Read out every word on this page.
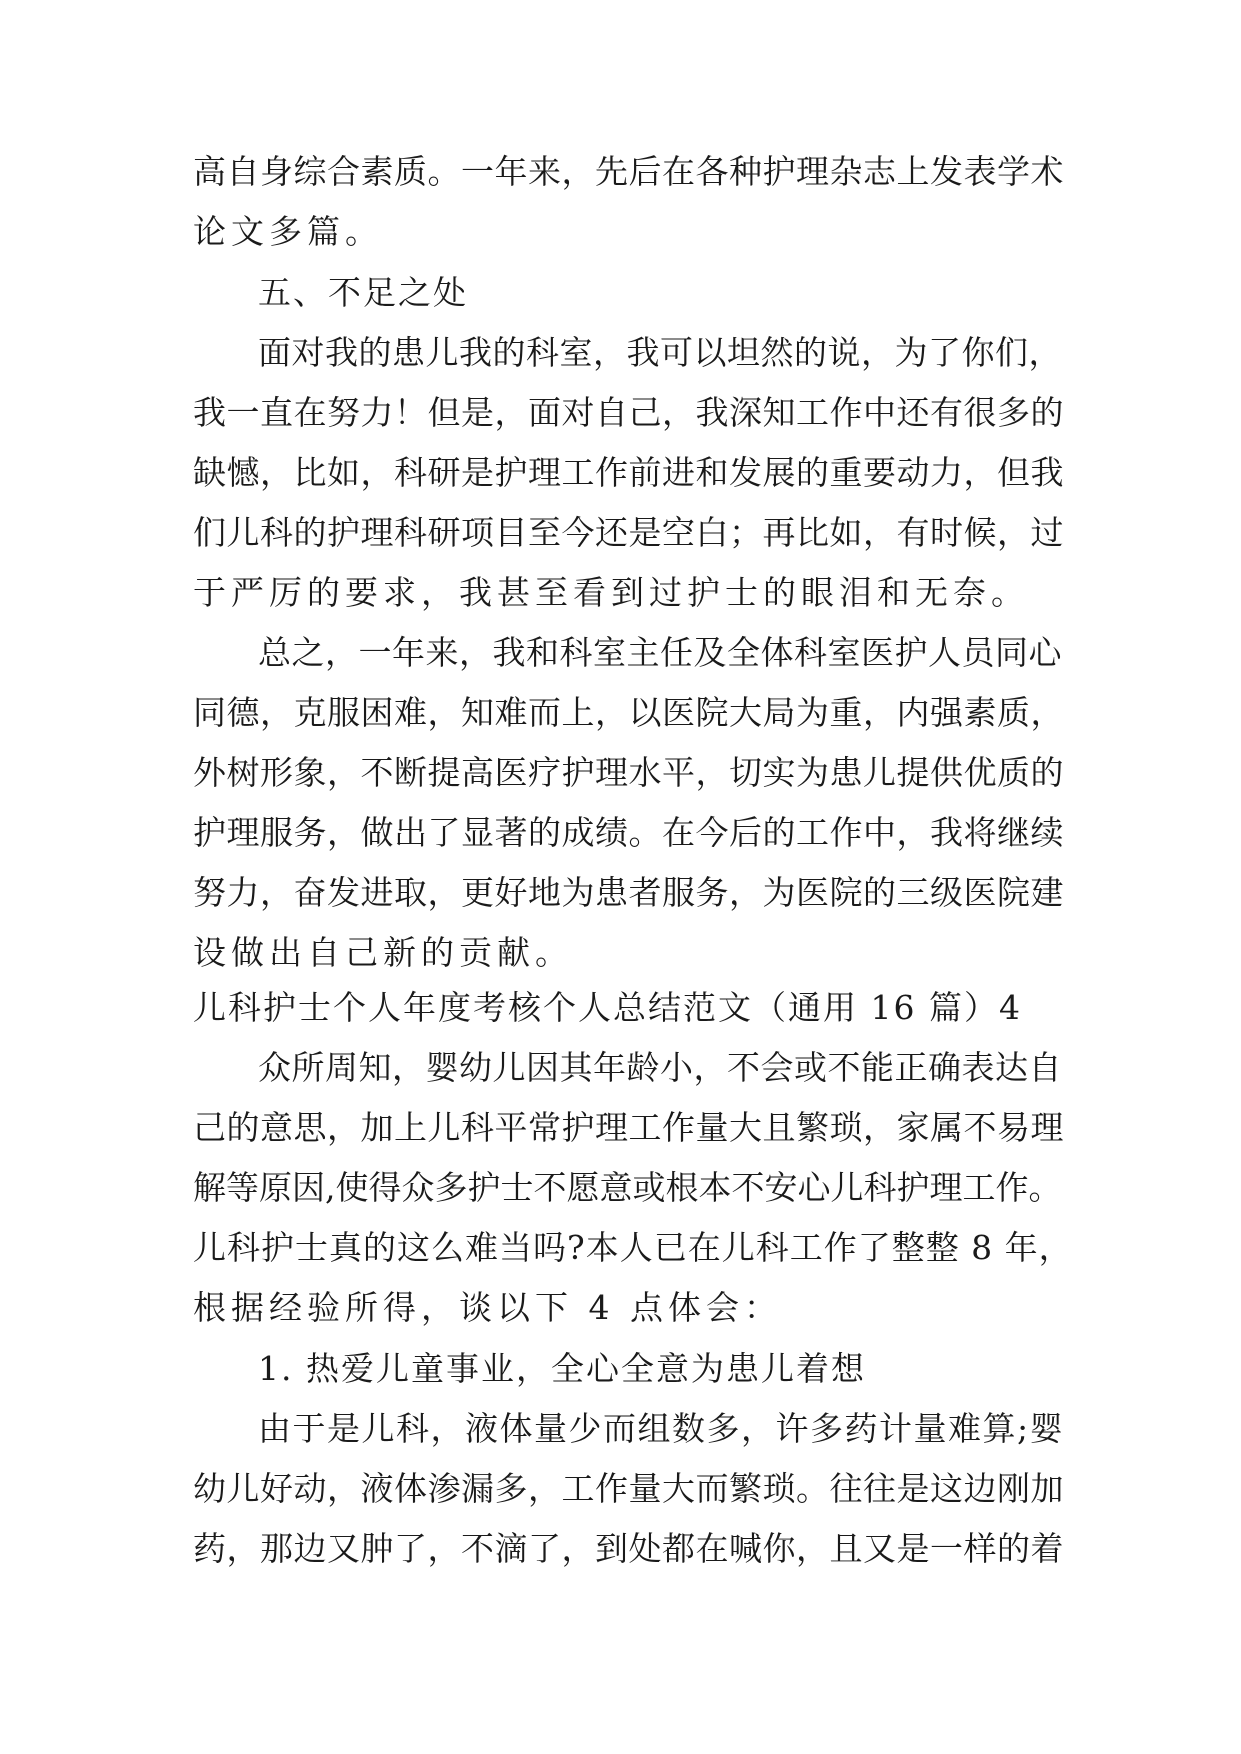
高自身综合素质。一年来，先后在各种护理杂志上发表学术
论文多篇。
五、不足之处
面对我的患儿我的科室，我可以坦然的说，为了你们，
我一直在努力！但是，面对自己，我深知工作中还有很多的
缺憾，比如，科研是护理工作前进和发展的重要动力，但我
们儿科的护理科研项目至今还是空白；再比如，有时候，过
于严厉的要求，我甚至看到过护士的眼泪和无奈。
总之，一年来，我和科室主任及全体科室医护人员同心
同德，克服困难，知难而上，以医院大局为重，内强素质，
外树形象，不断提高医疗护理水平，切实为患儿提供优质的
护理服务，做出了显著的成绩。在今后的工作中，我将继续
努力，奋发进取，更好地为患者服务，为医院的三级医院建
设做出自己新的贡献。
儿科护士个人年度考核个人总结范文（通用 16 篇）4
众所周知，婴幼儿因其年龄小，不会或不能正确表达自
己的意思，加上儿科平常护理工作量大且繁琐，家属不易理
解等原因,使得众多护士不愿意或根本不安心儿科护理工作。
儿科护士真的这么难当吗?本人已在儿科工作了整整 8 年，
根据经验所得，谈以下 4 点体会：
1. 热爱儿童事业，全心全意为患儿着想
由于是儿科，液体量少而组数多，许多药计量难算;婴
幼儿好动，液体渗漏多，工作量大而繁琐。往往是这边刚加
药，那边又肿了，不滴了，到处都在喊你，且又是一样的着
